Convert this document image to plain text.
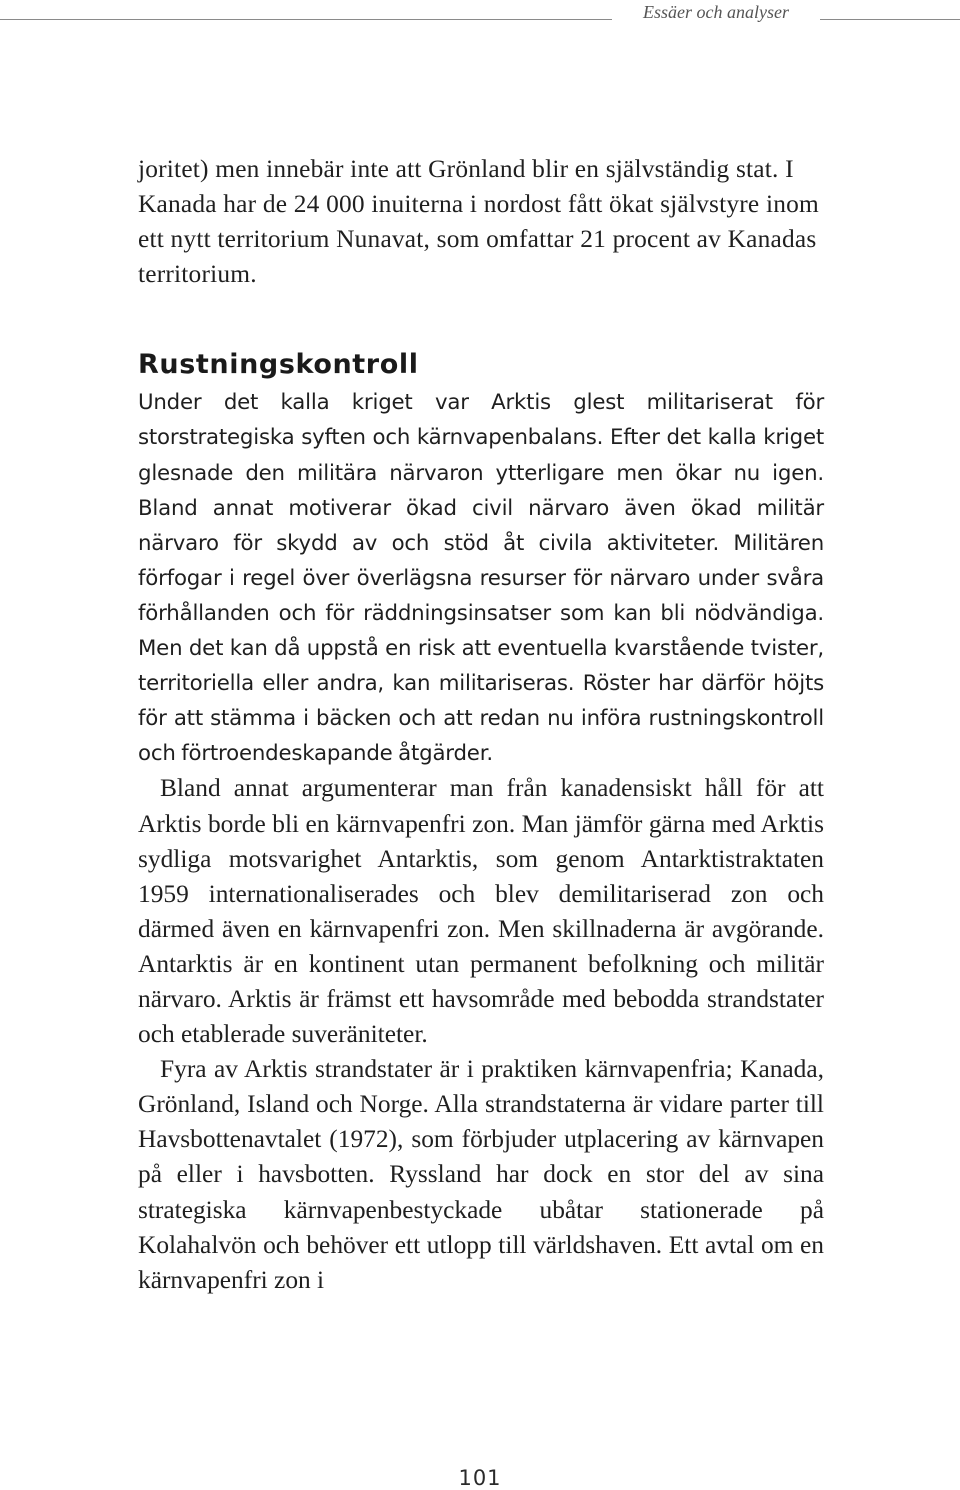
Essäer och analyser

joritet) men innebär inte att Grönland blir en självständig stat. I Kanada har de 24 000 inuiterna i nordost fått ökat självstyre inom ett nytt territorium Nunavat, som omfattar 21 procent av Kanadas territorium.

Rustningskontroll

Under det kalla kriget var Arktis glest militariserat för storstrategiska syften och kärnvapenbalans. Efter det kalla kriget glesnade den militära närvaron ytterligare men ökar nu igen. Bland annat motiverar ökad civil närvaro även ökad militär närvaro för skydd av och stöd åt civila aktiviteter. Militären förfogar i regel över överlägsna resurser för närvaro under svåra förhållanden och för räddningsinsatser som kan bli nödvändiga. Men det kan då uppstå en risk att eventuella kvarstående tvister, territoriella eller andra, kan militariseras. Röster har därför höjts för att stämma i bäcken och att redan nu införa rustningskontroll och förtroendeskapande åtgärder.

Bland annat argumenterar man från kanadensiskt håll för att Arktis borde bli en kärnvapenfri zon. Man jämför gärna med Arktis sydliga motsvarighet Antarktis, som genom Antarktistraktaten 1959 internationaliserades och blev demilitariserad zon och därmed även en kärnvapenfri zon. Men skillnaderna är avgörande. Antarktis är en kontinent utan permanent befolkning och militär närvaro. Arktis är främst ett havsområde med bebodda strandstater och etablerade suveräniteter.

Fyra av Arktis strandstater är i praktiken kärnvapenfria; Kanada, Grönland, Island och Norge. Alla strandstaterna är vidare parter till Havsbottenavtalet (1972), som förbjuder utplacering av kärnvapen på eller i havsbotten. Ryssland har dock en stor del av sina strategiska kärnvapenbestyckade ubåtar stationerade på Kolahalvön och behöver ett utlopp till världshaven. Ett avtal om en kärnvapenfri zon i

101
